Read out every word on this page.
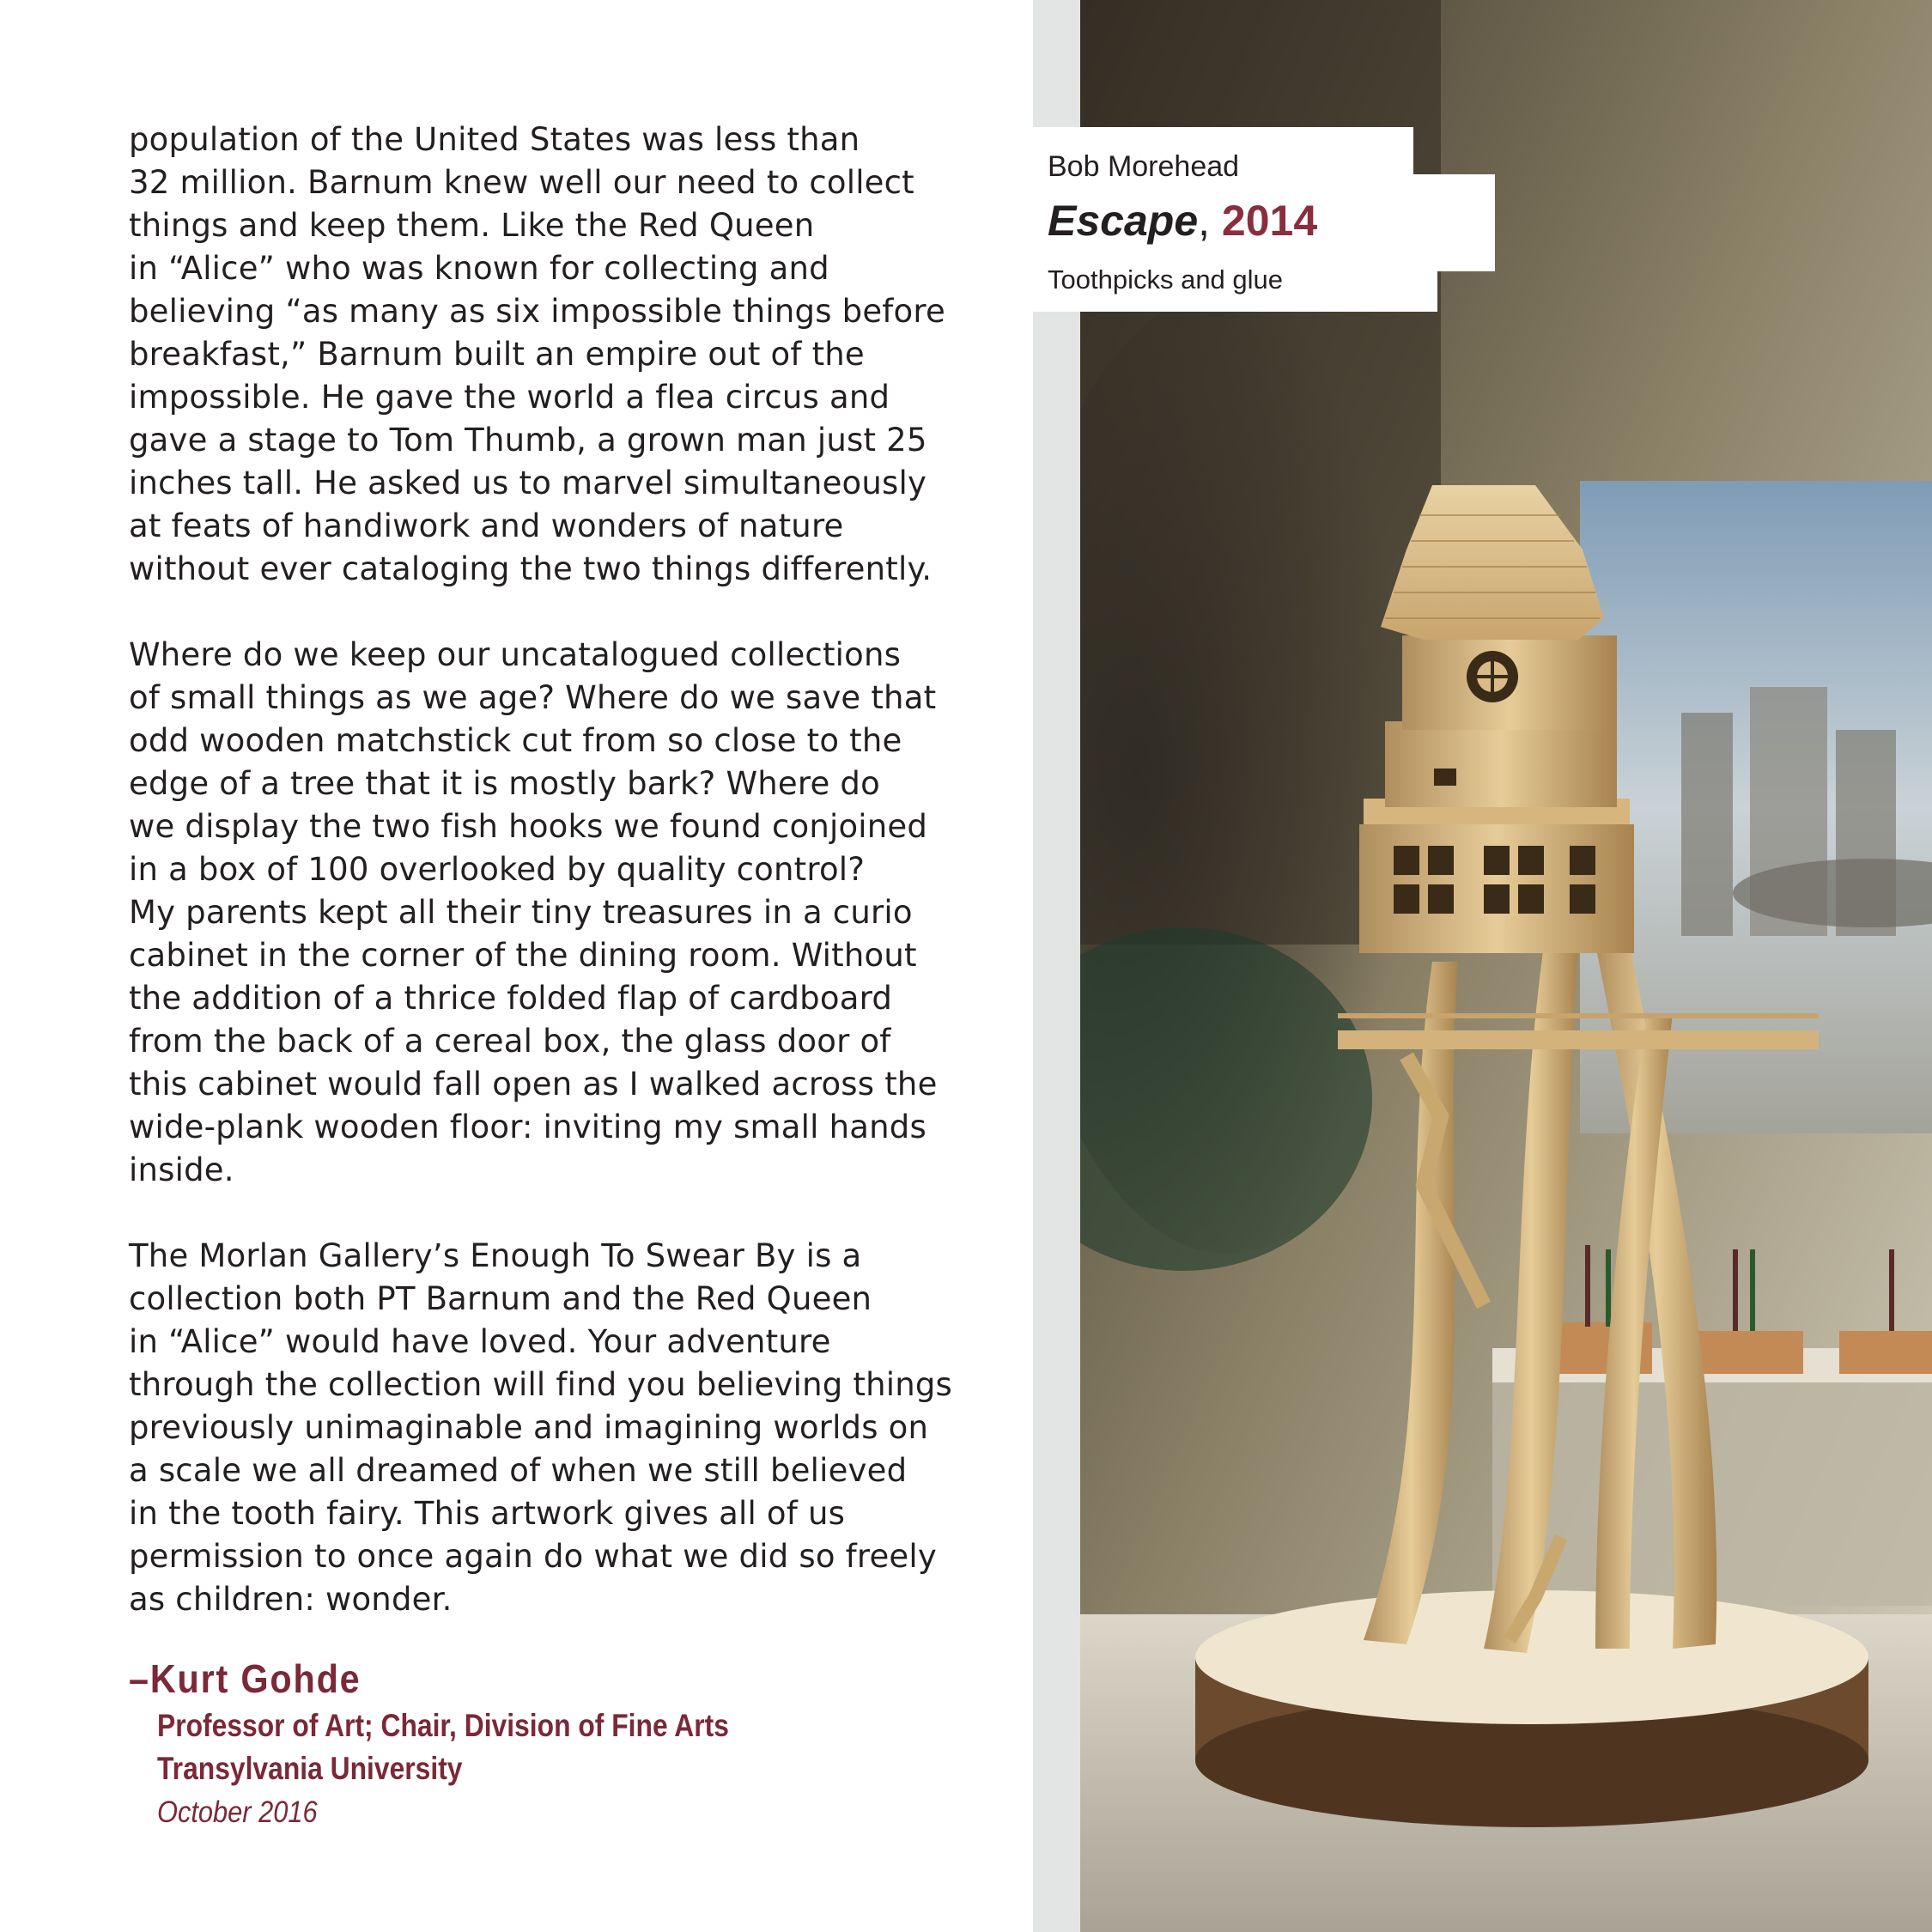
population of the United States was less than
32 million. Barnum knew well our need to collect
things and keep them. Like the Red Queen
in “Alice” who was known for collecting and
believing “as many as six impossible things before
breakfast,” Barnum built an empire out of the
impossible. He gave the world a flea circus and
gave a stage to Tom Thumb, a grown man just 25
inches tall. He asked us to marvel simultaneously
at feats of handiwork and wonders of nature
without ever cataloging the two things differently.

Where do we keep our uncatalogued collections
of small things as we age? Where do we save that
odd wooden matchstick cut from so close to the
edge of a tree that it is mostly bark? Where do
we display the two fish hooks we found conjoined
in a box of 100 overlooked by quality control?
My parents kept all their tiny treasures in a curio
cabinet in the corner of the dining room. Without
the addition of a thrice folded flap of cardboard
from the back of a cereal box, the glass door of
this cabinet would fall open as I walked across the
wide-plank wooden floor: inviting my small hands
inside.

The Morlan Gallery’s Enough To Swear By is a
collection both PT Barnum and the Red Queen
in “Alice” would have loved. Your adventure
through the collection will find you believing things
previously unimaginable and imagining worlds on
a scale we all dreamed of when we still believed
in the tooth fairy. This artwork gives all of us
permission to once again do what we did so freely
as children: wonder.

–Kurt Gohde
Professor of Art; Chair, Division of Fine Arts
Transylvania University
October 2016
Bob Morehead
Escape, 2014
Toothpicks and glue
